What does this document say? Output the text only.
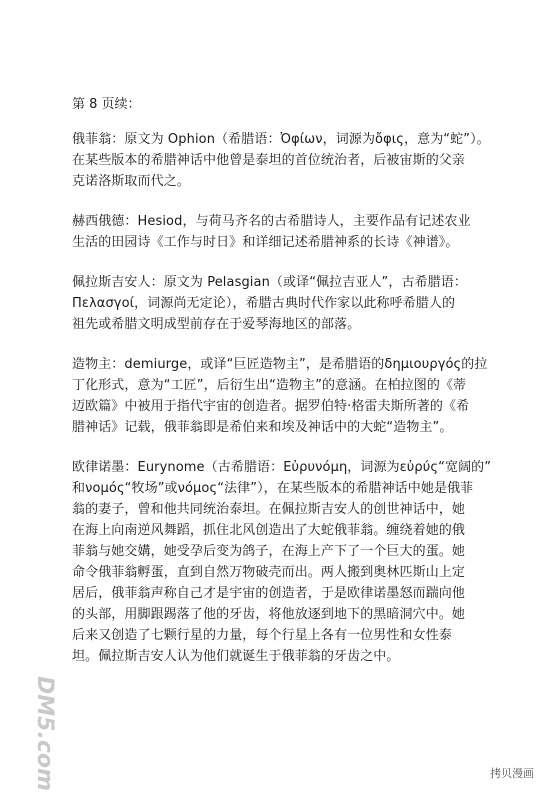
第 8 页续：
俄菲翁：原文为 Ophion（希腊语：Ὀφίων，词源为ὄφις，意为“蛇”）。
在某些版本的希腊神话中他曾是泰坦的首位统治者，后被宙斯的父亲
克诺洛斯取而代之。
赫西俄德：Hesiod，与荷马齐名的古希腊诗人，主要作品有记述农业
生活的田园诗《工作与时日》和详细记述希腊神系的长诗《神谱》。
佩拉斯吉安人：原文为 Pelasgian（或译“佩拉吉亚人”，古希腊语：
Πελασγοί，词源尚无定论），希腊古典时代作家以此称呼希腊人的
祖先或希腊文明成型前存在于爱琴海地区的部落。
造物主：demiurge，或译“巨匠造物主”，是希腊语的δημιουργός的拉
丁化形式，意为“工匠”，后衍生出“造物主”的意涵。在柏拉图的《蒂
迈欧篇》中被用于指代宇宙的创造者。据罗伯特·格雷夫斯所著的《希
腊神话》记载，俄菲翁即是希伯来和埃及神话中的大蛇“造物主”。
欧律诺墨：Eurynome（古希腊语：Εὐρυνόμη，词源为εὐρύς“宽阔的”
和νομός“牧场”或νόμος“法律”），在某些版本的希腊神话中她是俄菲
翁的妻子，曾和他共同统治泰坦。在佩拉斯吉安人的创世神话中，她
在海上向南逆风舞蹈，抓住北风创造出了大蛇俄菲翁。缠绕着她的俄
菲翁与她交媾，她受孕后变为鸽子，在海上产下了一个巨大的蛋。她
命令俄菲翁孵蛋，直到自然万物破壳而出。两人搬到奥林匹斯山上定
居后，俄菲翁声称自己才是宇宙的创造者，于是欧律诺墨怒而踹向他
的头部，用脚跟踢落了他的牙齿，将他放逐到地下的黑暗洞穴中。她
后来又创造了七颗行星的力量，每个行星上各有一位男性和女性泰
坦。佩拉斯吉安人认为他们就诞生于俄菲翁的牙齿之中。
DM5.com	拷贝漫画
